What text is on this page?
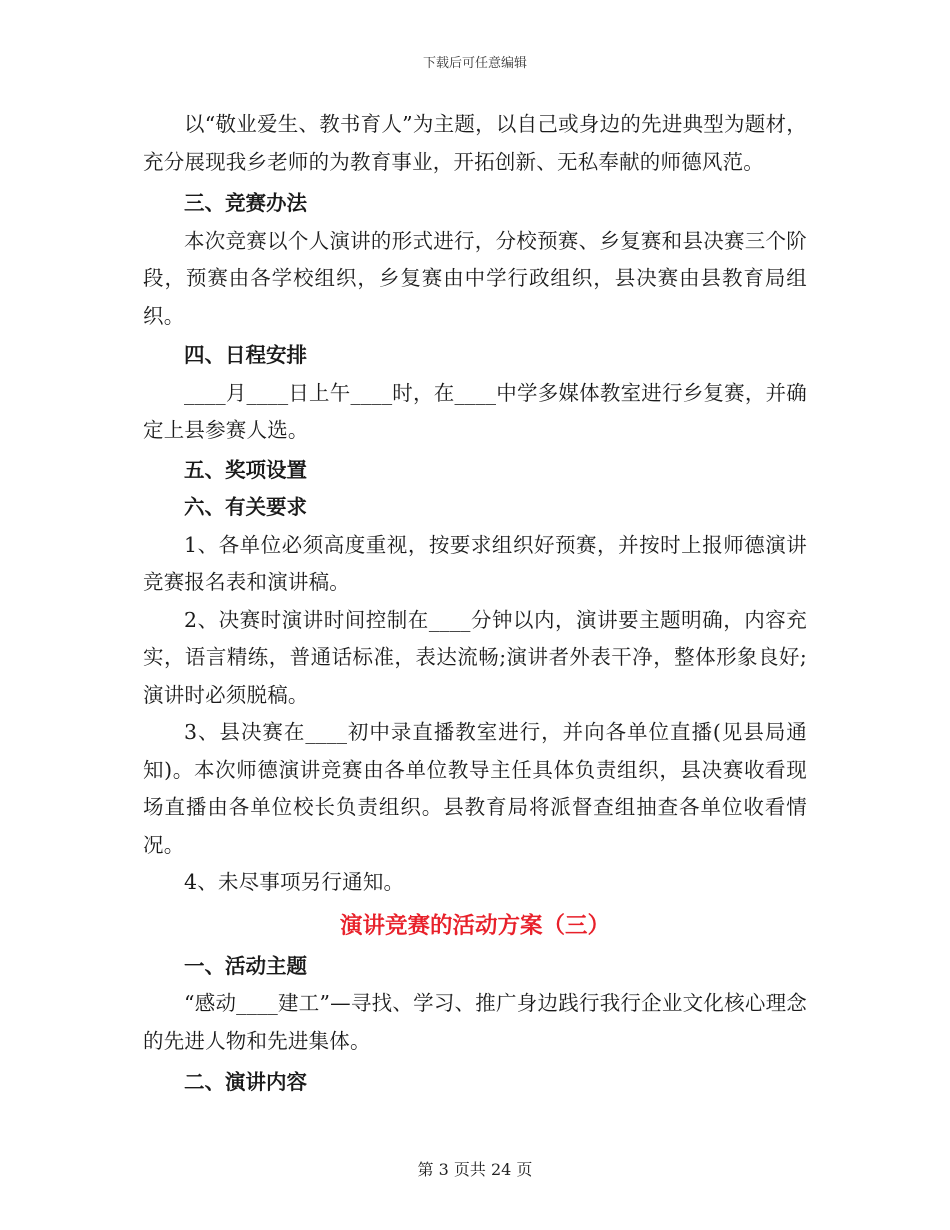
下载后可任意编辑

以“敬业爱生、教书育人”为主题，以自己或身边的先进典型为题材，充分展现我乡老师的为教育事业，开拓创新、无私奉献的师德风范。

三、竞赛办法

本次竞赛以个人演讲的形式进行，分校预赛、乡复赛和县决赛三个阶段，预赛由各学校组织，乡复赛由中学行政组织，县决赛由县教育局组织。

四、日程安排

____月____日上午____时，在____中学多媒体教室进行乡复赛，并确定上县参赛人选。

五、奖项设置

六、有关要求

1、各单位必须高度重视，按要求组织好预赛，并按时上报师德演讲竞赛报名表和演讲稿。

2、决赛时演讲时间控制在____分钟以内，演讲要主题明确，内容充实，语言精练，普通话标准，表达流畅;演讲者外表干净，整体形象良好;演讲时必须脱稿。

3、县决赛在____初中录直播教室进行，并向各单位直播(见县局通知)。本次师德演讲竞赛由各单位教导主任具体负责组织，县决赛收看现场直播由各单位校长负责组织。县教育局将派督查组抽查各单位收看情况。

4、未尽事项另行通知。

演讲竞赛的活动方案（三）

一、活动主题

“感动____建工”—寻找、学习、推广身边践行我行企业文化核心理念的先进人物和先进集体。

二、演讲内容

第 3 页共 24 页
